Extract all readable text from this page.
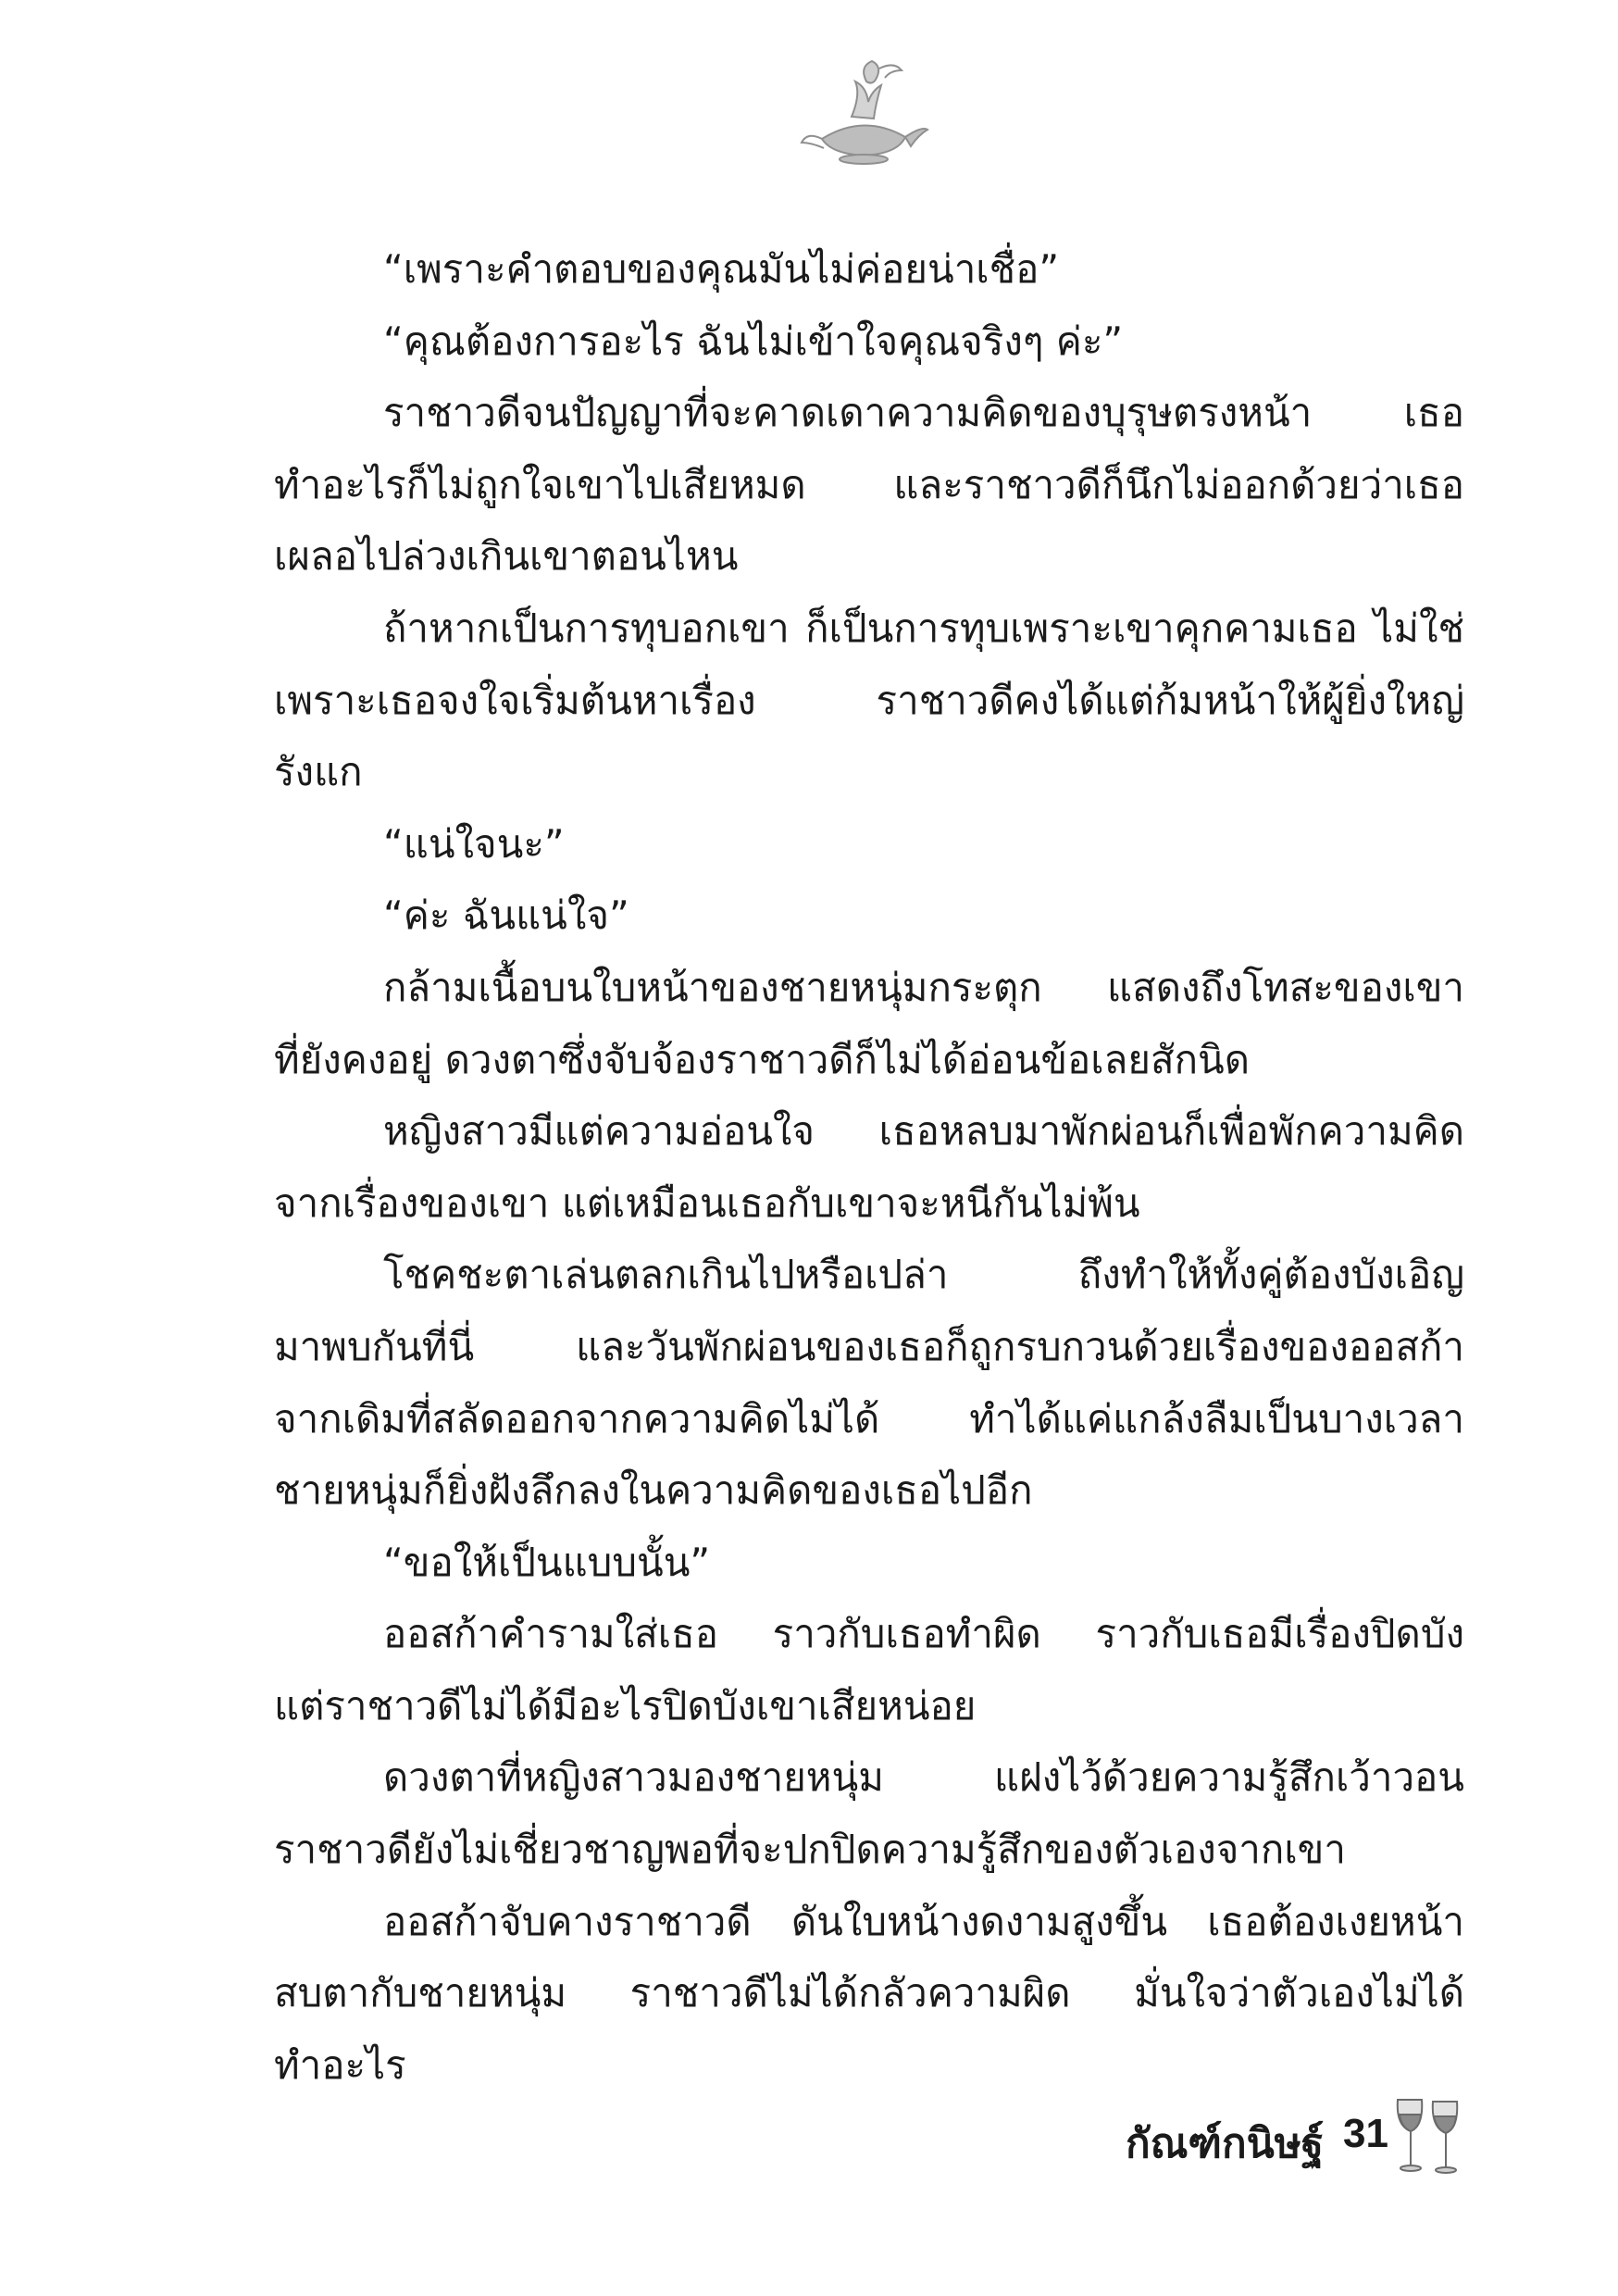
“เพราะคำตอบของคุณมันไม่ค่อยน่าเชื่อ”
“คุณต้องการอะไร ฉันไม่เข้าใจคุณจริงๆ ค่ะ”
ราชาวดีจนปัญญาที่จะคาดเดาความคิดของบุรุษตรงหน้า เธอ
ทำอะไรก็ไม่ถูกใจเขาไปเสียหมด และราชาวดีก็นึกไม่ออกด้วยว่าเธอ
เผลอไปล่วงเกินเขาตอนไหน
ถ้าหากเป็นการทุบอกเขา ก็เป็นการทุบเพราะเขาคุกคามเธอ ไม่ใช่
เพราะเธอจงใจเริ่มต้นหาเรื่อง ราชาวดีคงได้แต่ก้มหน้าให้ผู้ยิ่งใหญ่
รังแก
“แน่ใจนะ”
“ค่ะ ฉันแน่ใจ”
กล้ามเนื้อบนใบหน้าของชายหนุ่มกระตุก แสดงถึงโทสะของเขา
ที่ยังคงอยู่ ดวงตาซึ่งจับจ้องราชาวดีก็ไม่ได้อ่อนข้อเลยสักนิด
หญิงสาวมีแต่ความอ่อนใจ เธอหลบมาพักผ่อนก็เพื่อพักความคิด
จากเรื่องของเขา แต่เหมือนเธอกับเขาจะหนีกันไม่พ้น
โชคชะตาเล่นตลกเกินไปหรือเปล่า ถึงทำให้ทั้งคู่ต้องบังเอิญ
มาพบกันที่นี่ และวันพักผ่อนของเธอก็ถูกรบกวนด้วยเรื่องของออสก้า
จากเดิมที่สลัดออกจากความคิดไม่ได้ ทำได้แค่แกล้งลืมเป็นบางเวลา
ชายหนุ่มก็ยิ่งฝังลึกลงในความคิดของเธอไปอีก
“ขอให้เป็นแบบนั้น”
ออสก้าคำรามใส่เธอ ราวกับเธอทำผิด ราวกับเธอมีเรื่องปิดบัง
แต่ราชาวดีไม่ได้มีอะไรปิดบังเขาเสียหน่อย
ดวงตาที่หญิงสาวมองชายหนุ่ม แฝงไว้ด้วยความรู้สึกเว้าวอน
ราชาวดียังไม่เชี่ยวชาญพอที่จะปกปิดความรู้สึกของตัวเองจากเขา
ออสก้าจับคางราชาวดี ดันใบหน้างดงามสูงขึ้น เธอต้องเงยหน้า
สบตากับชายหนุ่ม ราชาวดีไม่ได้กลัวความผิด มั่นใจว่าตัวเองไม่ได้
ทำอะไร
กัณฑ์กนิษฐ์ 31
